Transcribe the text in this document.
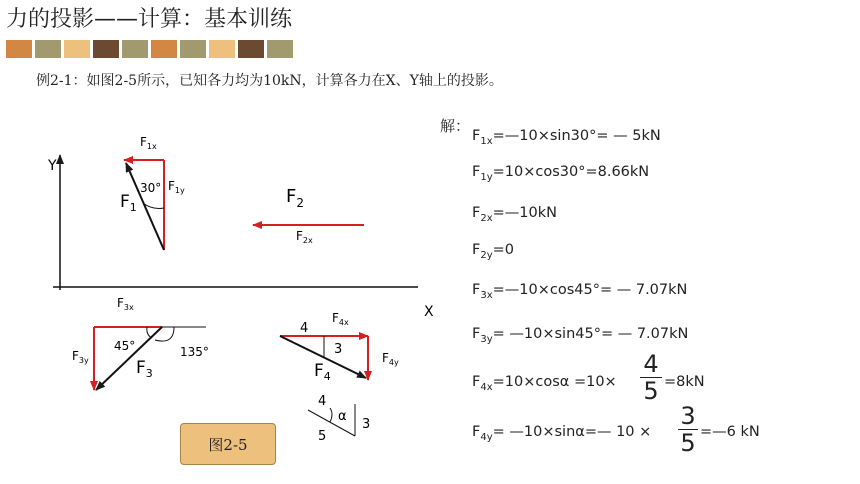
力的投影——计算：基本训练
例2-1：如图2-5所示，已知各力均为10kN，计算各力在X、Y轴上的投影。
Y
X
$F_{1x}$
$F_{1y}$
30°
$F_1$
$F_2$
$F_{2x}$
$F_{3x}$
$F_{3y}$
45°	135°
$F_3$
4
3
$F_{4x}$
$F_{4y}$
$F_4$
4
α
3
5
图2-5
解：
$F_{1x}=—10\times\sin 30^\circ=$ — 5kN
$F_{1y}=10\times\cos 30^\circ=8.66kN$
$F_{2x}=—10kN$
$F_{2y}=0$
$F_{3x}=—10\times\cos 45^\circ=$ — 7.07kN
$F_{3y}=$ —10×sin45°= — 7.07kN
$F_{4x}=10\times\cos\alpha =10\times$
4
5 =8kN
$F_{4y}=$ —10×sinα=— 10 ×
3
5 =—6 kN
